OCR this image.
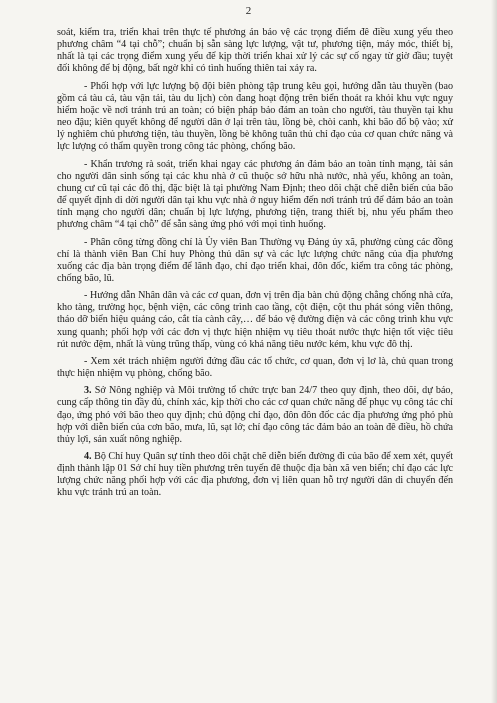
2

soát, kiểm tra, triển khai trên thực tế phương án bảo vệ các trọng điểm đê điều xung yếu theo phương châm “4 tại chỗ”; chuẩn bị sẵn sàng lực lượng, vật tư, phương tiện, máy móc, thiết bị, nhất là tại các trọng điểm xung yếu để kịp thời triển khai xử lý các sự cố ngay từ giờ đầu; tuyệt đối không để bị động, bất ngờ khi có tình huống thiên tai xảy ra.

- Phối hợp với lực lượng bộ đội biên phòng tập trung kêu gọi, hướng dẫn tàu thuyền (bao gồm cả tàu cá, tàu vận tải, tàu du lịch) còn đang hoạt động trên biển thoát ra khỏi khu vực nguy hiểm hoặc về nơi tránh trú an toàn; có biện pháp bảo đảm an toàn cho người, tàu thuyền tại khu neo đậu; kiên quyết không để người dân ở lại trên tàu, lồng bè, chòi canh, khi bão đổ bộ vào; xử lý nghiêm chủ phương tiện, tàu thuyền, lồng bè không tuân thủ chỉ đạo của cơ quan chức năng và lực lượng có thẩm quyền trong công tác phòng, chống bão.

- Khẩn trương rà soát, triển khai ngay các phương án đảm bảo an toàn tính mạng, tài sản cho người dân sinh sống tại các khu nhà ở cũ thuộc sở hữu nhà nước, nhà yếu, không an toàn, chung cư cũ tại các đô thị, đặc biệt là tại phường Nam Định; theo dõi chặt chẽ diễn biến của bão để quyết định di dời người dân tại khu vực nhà ở nguy hiểm đến nơi tránh trú để đảm bảo an toàn tính mạng cho người dân; chuẩn bị lực lượng, phương tiện, trang thiết bị, nhu yếu phẩm theo phương châm “4 tại chỗ” để sẵn sàng ứng phó với mọi tình huống.

- Phân công từng đồng chí là Ủy viên Ban Thường vụ Đảng ủy xã, phường cùng các đồng chí là thành viên Ban Chỉ huy Phòng thủ dân sự và các lực lượng chức năng của địa phương xuống các địa bàn trọng điểm để lãnh đạo, chỉ đạo triển khai, đôn đốc, kiểm tra công tác phòng, chống bão, lũ.

- Hướng dẫn Nhân dân và các cơ quan, đơn vị trên địa bàn chủ động chằng chống nhà cửa, kho tàng, trường học, bệnh viện, các công trình cao tầng, cột điện, cột thu phát sóng viễn thông, tháo dỡ biển hiệu quảng cáo, cắt tỉa cành cây,… để bảo vệ đường điện và các công trình khu vực xung quanh; phối hợp với các đơn vị thực hiện nhiệm vụ tiêu thoát nước thực hiện tốt việc tiêu rút nước đệm, nhất là vùng trũng thấp, vùng có khả năng tiêu nước kém, khu vực đô thị.

- Xem xét trách nhiệm người đứng đầu các tổ chức, cơ quan, đơn vị lơ là, chủ quan trong thực hiện nhiệm vụ phòng, chống bão.

3. Sở Nông nghiệp và Môi trường tổ chức trực ban 24/7 theo quy định, theo dõi, dự báo, cung cấp thông tin đầy đủ, chính xác, kịp thời cho các cơ quan chức năng để phục vụ công tác chỉ đạo, ứng phó với bão theo quy định; chủ động chỉ đạo, đôn đôn đốc các địa phương ứng phó phù hợp với diễn biến của cơn bão, mưa, lũ, sạt lở; chỉ đạo công tác đảm bảo an toàn đê điều, hồ chứa thủy lợi, sản xuất nông nghiệp.

4. Bộ Chỉ huy Quân sự tỉnh theo dõi chặt chẽ diễn biến đường đi của bão để xem xét, quyết định thành lập 01 Sở chỉ huy tiền phương trên tuyến đê thuộc địa bàn xã ven biển; chỉ đạo các lực lượng chức năng phối hợp với các địa phương, đơn vị liên quan hỗ trợ người dân di chuyển đến khu vực tránh trú an toàn.
